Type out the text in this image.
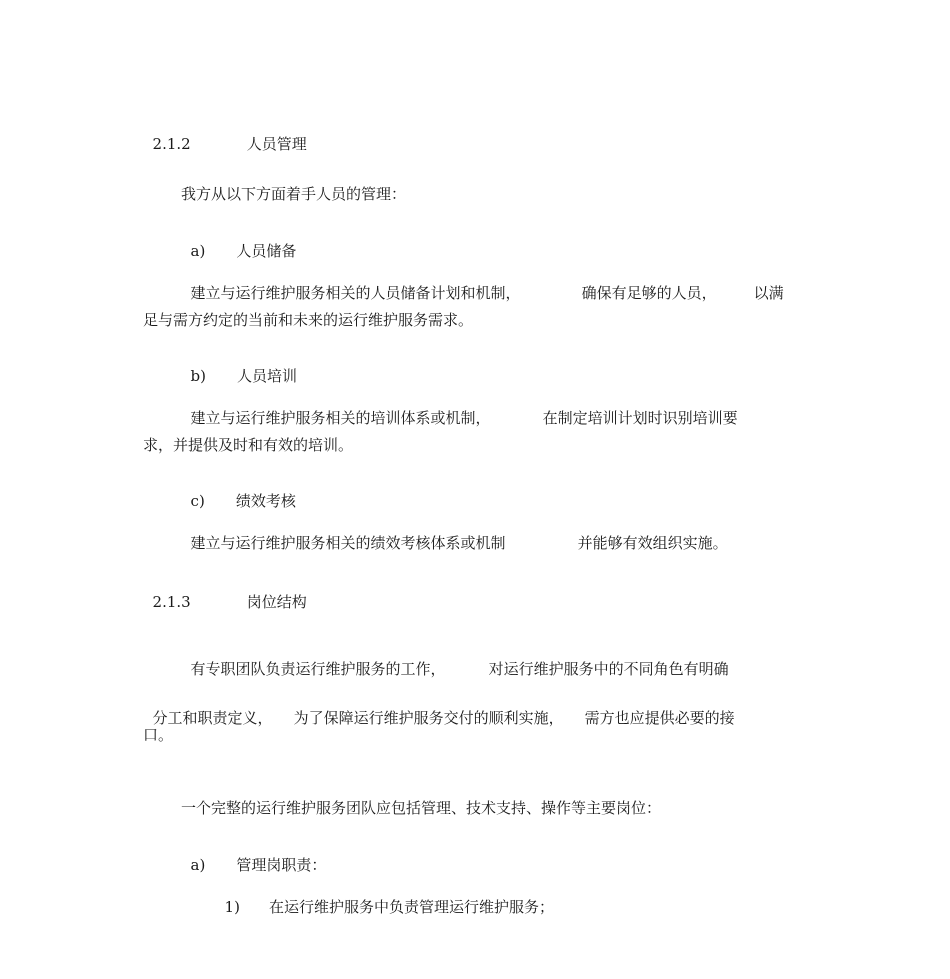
2.1.2	人员管理

我方从以下方面着手人员的管理：

a) 人员储备

建立与运行维护服务相关的人员储备计划和机制，	确保有足够的人员， 以满

足与需方约定的当前和未来的运行维护服务需求。

b) 人员培训

建立与运行维护服务相关的培训体系或机制，	在制定培训计划时识别培训要

求，并提供及时和有效的培训。

c) 绩效考核

建立与运行维护服务相关的绩效考核体系或机制	并能够有效组织实施。

2.1.3	岗位结构

有专职团队负责运行维护服务的工作，	对运行维护服务中的不同角色有明确

分工和职责定义， 为了保障运行维护服务交付的顺利实施， 需方也应提供必要的接

口。
一个完整的运行维护服务团队应包括管理、技术支持、操作等主要岗位：

a) 管理岗职责：

1) 在运行维护服务中负责管理运行维护服务；
